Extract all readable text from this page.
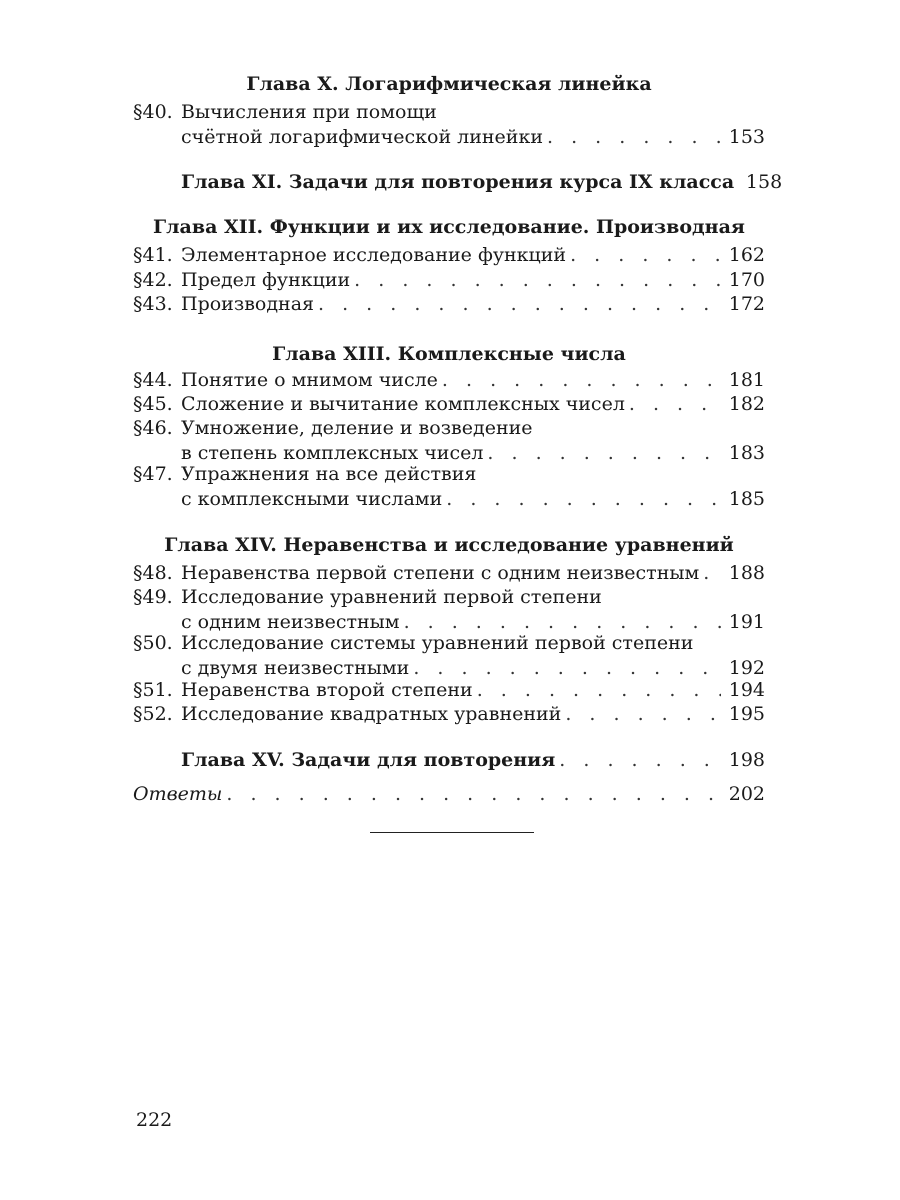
Глава X. Логарифмическая линейка
§40. Вычисления при помощи
счётной логарифмической линейки . . .	153
Глава XI. Задачи для повторения курса IX класса . . . 158
Глава XII. Функции и их исследование. Производная
§41. Элементарное исследование функций . . .	162
§42. Предел функции . . .	170
§43. Производная . . .	172
Глава XIII. Комплексные числа
§44. Понятие о мнимом числе . . .	181
§45. Сложение и вычитание комплексных чисел . . .	182
§46. Умножение, деление и возведение
в степень комплексных чисел . . .	183
§47. Упражнения на все действия
с комплексными числами . . .	185
Глава XIV. Неравенства и исследование уравнений
§48. Неравенства первой степени с одним неизвестным . . .	188
§49. Исследование уравнений первой степени
с одним неизвестным . . .	191
§50. Исследование системы уравнений первой степени
с двумя неизвестными . . .	192
§51. Неравенства второй степени . . .	194
§52. Исследование квадратных уравнений . . .	195
Глава XV. Задачи для повторения . . .	198
Ответы . . .	202
222
